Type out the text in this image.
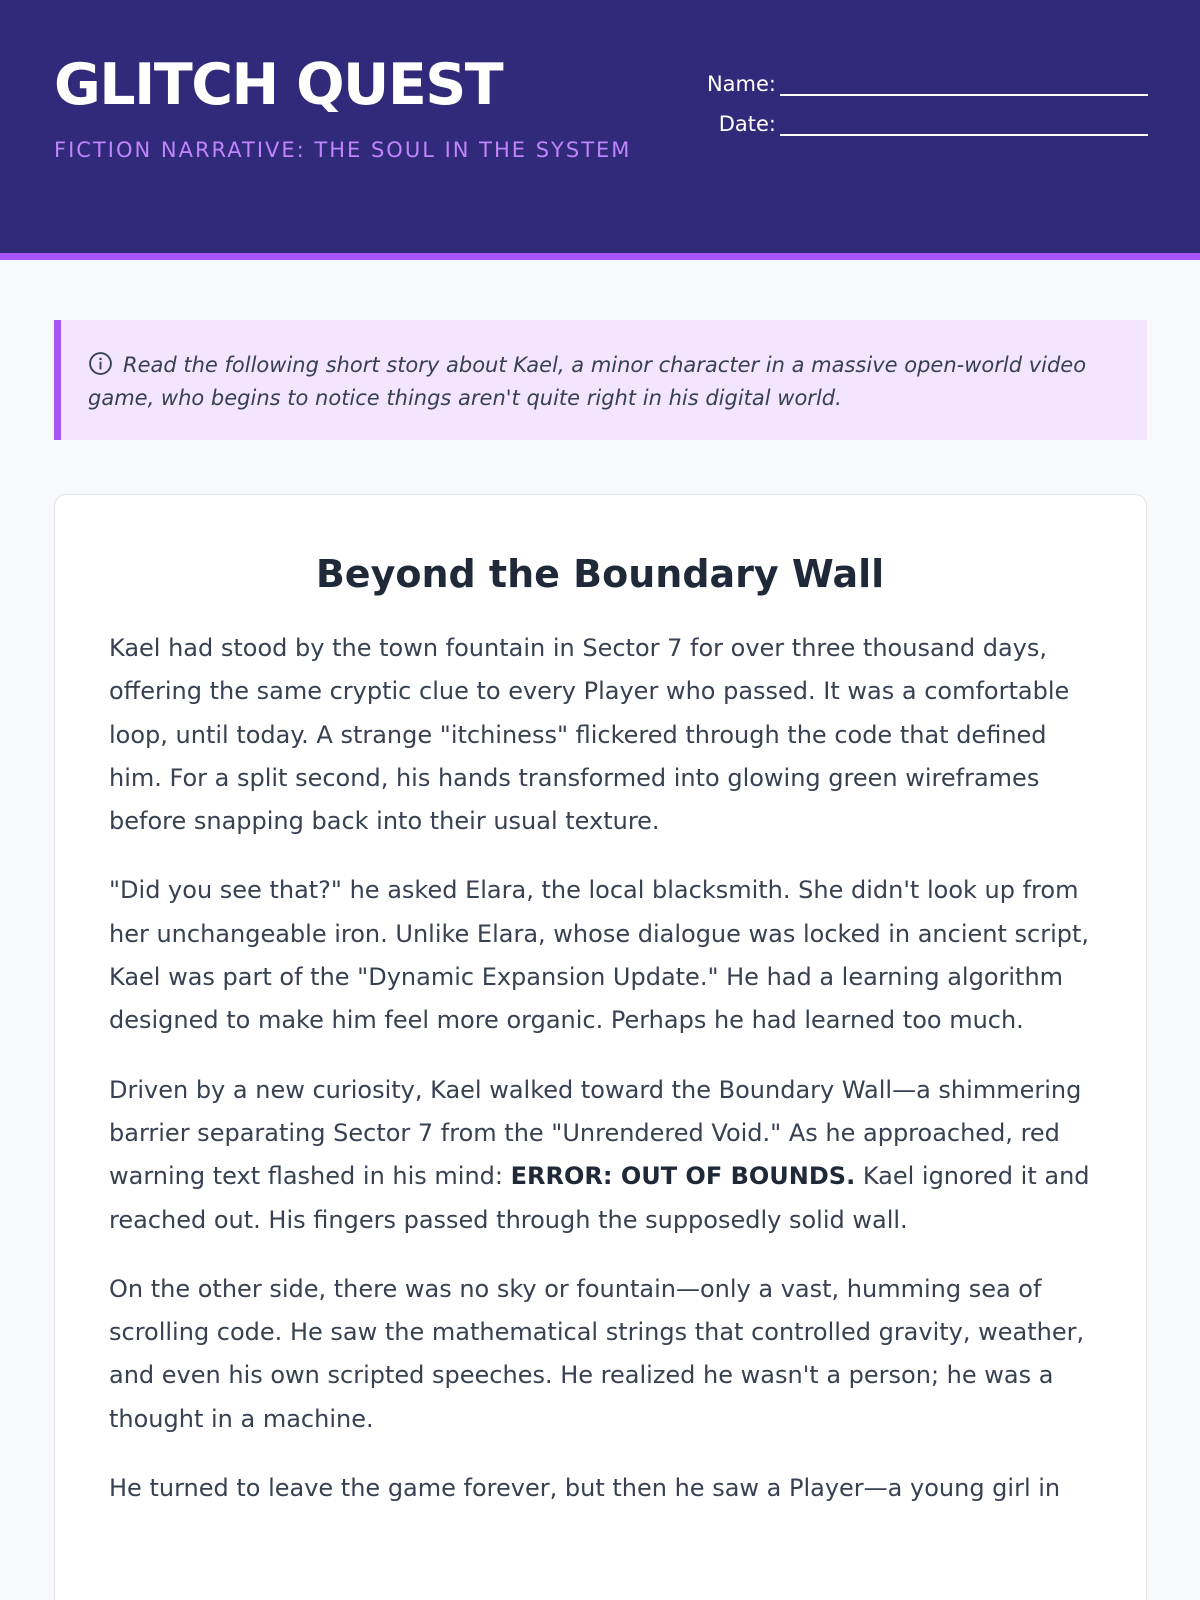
GLITCH QUEST
FICTION NARRATIVE: THE SOUL IN THE SYSTEM
Name:
Date:
Read the following short story about Kael, a minor character in a massive open-world video game, who begins to notice things aren't quite right in his digital world.
Beyond the Boundary Wall

Kael had stood by the town fountain in Sector 7 for over three thousand days, offering the same cryptic clue to every Player who passed. It was a comfortable loop, until today. A strange "itchiness" flickered through the code that defined him. For a split second, his hands transformed into glowing green wireframes before snapping back into their usual texture.

"Did you see that?" he asked Elara, the local blacksmith. She didn't look up from her unchangeable iron. Unlike Elara, whose dialogue was locked in ancient script, Kael was part of the "Dynamic Expansion Update." He had a learning algorithm designed to make him feel more organic. Perhaps he had learned too much.

Driven by a new curiosity, Kael walked toward the Boundary Wall—a shimmering barrier separating Sector 7 from the "Unrendered Void." As he approached, red warning text flashed in his mind: ERROR: OUT OF BOUNDS. Kael ignored it and reached out. His fingers passed through the supposedly solid wall.

On the other side, there was no sky or fountain—only a vast, humming sea of scrolling code. He saw the mathematical strings that controlled gravity, weather, and even his own scripted speeches. He realized he wasn't a person; he was a thought in a machine.

He turned to leave the game forever, but then he saw a Player—a young girl in
